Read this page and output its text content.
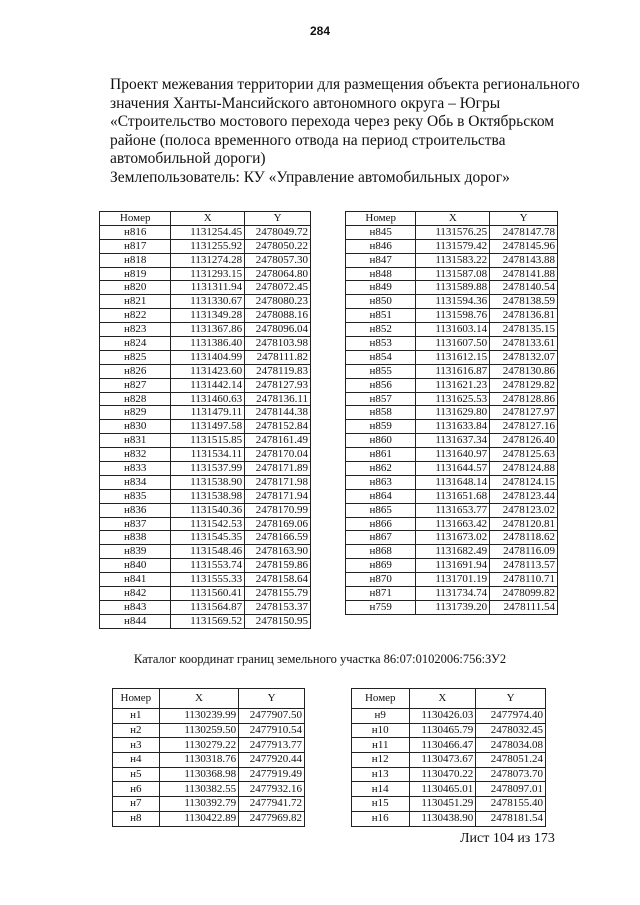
284
Проект межевания территории для размещения объекта регионального
значения Ханты-Мансийского автономного округа – Югры
«Строительство мостового перехода через реку Обь в Октябрьском
районе (полоса временного отвода на период строительства
автомобильной дороги)
Землепользователь: КУ «Управление автомобильных дорог»
Номер	X	Y
н816	1131254.45	2478049.72
н817	1131255.92	2478050.22
н818	1131274.28	2478057.30
н819	1131293.15	2478064.80
н820	1131311.94	2478072.45
н821	1131330.67	2478080.23
н822	1131349.28	2478088.16
н823	1131367.86	2478096.04
н824	1131386.40	2478103.98
н825	1131404.99	2478111.82
н826	1131423.60	2478119.83
н827	1131442.14	2478127.93
н828	1131460.63	2478136.11
н829	1131479.11	2478144.38
н830	1131497.58	2478152.84
н831	1131515.85	2478161.49
н832	1131534.11	2478170.04
н833	1131537.99	2478171.89
н834	1131538.90	2478171.98
н835	1131538.98	2478171.94
н836	1131540.36	2478170.99
н837	1131542.53	2478169.06
н838	1131545.35	2478166.59
н839	1131548.46	2478163.90
н840	1131553.74	2478159.86
н841	1131555.33	2478158.64
н842	1131560.41	2478155.79
н843	1131564.87	2478153.37
н844	1131569.52	2478150.95
Номер	X	Y
н845	1131576.25	2478147.78
н846	1131579.42	2478145.96
н847	1131583.22	2478143.88
н848	1131587.08	2478141.88
н849	1131589.88	2478140.54
н850	1131594.36	2478138.59
н851	1131598.76	2478136.81
н852	1131603.14	2478135.15
н853	1131607.50	2478133.61
н854	1131612.15	2478132.07
н855	1131616.87	2478130.86
н856	1131621.23	2478129.82
н857	1131625.53	2478128.86
н858	1131629.80	2478127.97
н859	1131633.84	2478127.16
н860	1131637.34	2478126.40
н861	1131640.97	2478125.63
н862	1131644.57	2478124.88
н863	1131648.14	2478124.15
н864	1131651.68	2478123.44
н865	1131653.77	2478123.02
н866	1131663.42	2478120.81
н867	1131673.02	2478118.62
н868	1131682.49	2478116.09
н869	1131691.94	2478113.57
н870	1131701.19	2478110.71
н871	1131734.74	2478099.82
н759	1131739.20	2478111.54
Каталог координат границ земельного участка 86:07:0102006:756:ЗУ2
Номер	X	Y
н1	1130239.99	2477907.50
н2	1130259.50	2477910.54
н3	1130279.22	2477913.77
н4	1130318.76	2477920.44
н5	1130368.98	2477919.49
н6	1130382.55	2477932.16
н7	1130392.79	2477941.72
н8	1130422.89	2477969.82
Номер	X	Y
н9	1130426.03	2477974.40
н10	1130465.79	2478032.45
н11	1130466.47	2478034.08
н12	1130473.67	2478051.24
н13	1130470.22	2478073.70
н14	1130465.01	2478097.01
н15	1130451.29	2478155.40
н16	1130438.90	2478181.54
Лист 104 из 173
